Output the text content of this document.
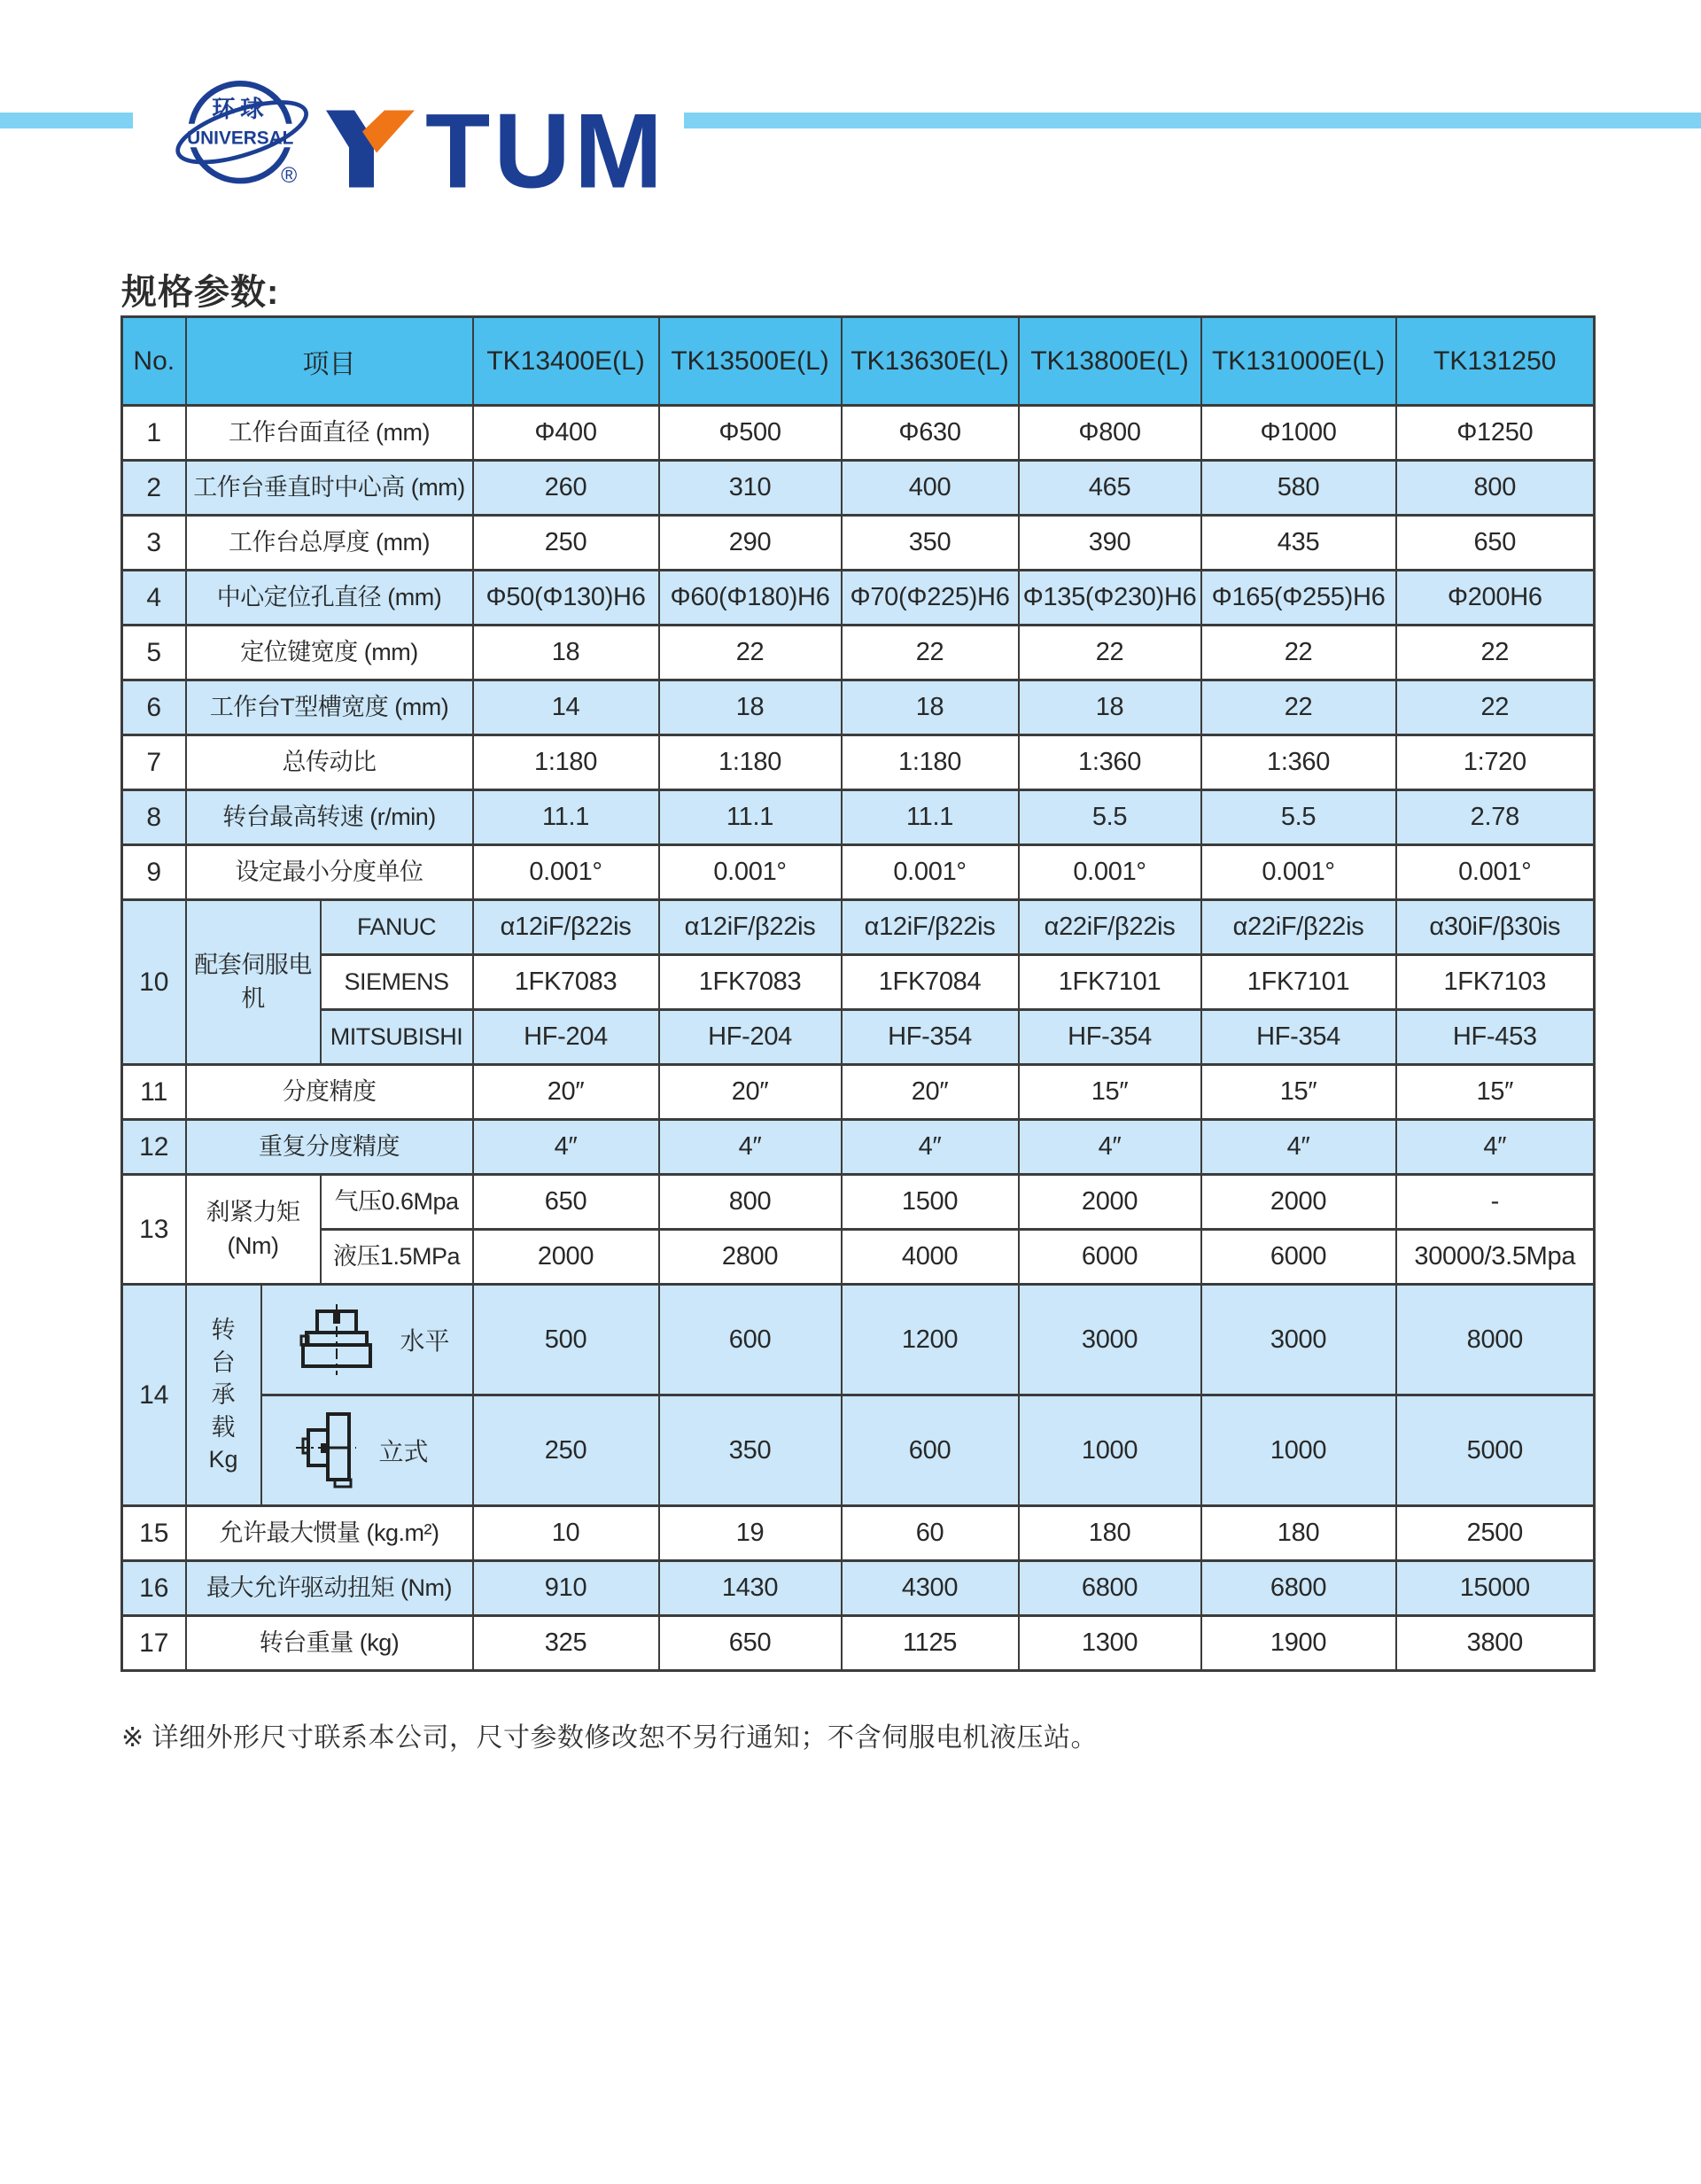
环球
UNIVERSAL
® TUM
规格参数:
No.	项目			TK13400E(L)	TK13500E(L)	TK13630E(L)	TK13800E(L)	TK131000E(L)	TK131250
1	工作台面直径 (mm)			Φ400	Φ500	Φ630	Φ800	Φ1000	Φ1250
2	工作台垂直时中心高 (mm)			260	310	400	465	580	800
3	工作台总厚度 (mm)			250	290	350	390	435	650
4	中心定位孔直径 (mm)			Φ50(Φ130)H6	Φ60(Φ180)H6	Φ70(Φ225)H6	Φ135(Φ230)H6	Φ165(Φ255)H6	Φ200H6
5	定位键宽度 (mm)			18	22	22	22	22	22
6	工作台T型槽宽度 (mm)			14	18	18	18	22	22
7	总传动比			1:180	1:180	1:180	1:360	1:360	1:720
8	转台最高转速 (r/min)			11.1	11.1	11.1	5.5	5.5	2.78
9	设定最小分度单位			0.001°	0.001°	0.001°	0.001°	0.001°	0.001°
10	配套伺服电机		FANUC	α12iF/β22is	α12iF/β22is	α12iF/β22is	α22iF/β22is	α22iF/β22is	α30iF/β30is
			SIEMENS	1FK7083	1FK7083	1FK7084	1FK7101	1FK7101	1FK7103
			MITSUBISHI	HF-204	HF-204	HF-354	HF-354	HF-354	HF-453
11	分度精度			20″	20″	20″	15″	15″	15″
12	重复分度精度			4″	4″	4″	4″	4″	4″
13	刹紧力矩 (Nm)		气压0.6Mpa	650	800	1500	2000	2000	-
			液压1.5MPa	2000	2800	4000	6000	6000	30000/3.5Mpa
14	转台承载Kg	水平		500	600	1200	3000	3000	8000

		立式		250	350	600	1000	1000	5000
15	允许最大惯量 (kg.m²)			10	19	60	180	180	2500
16	最大允许驱动扭矩 (Nm)			910	1430	4300	6800	6800	15000
17	转台重量 (kg)			325	650	1125	1300	1900	3800
※ 详细外形尺寸联系本公司，尺寸参数修改恕不另行通知；不含伺服电机液压站。
